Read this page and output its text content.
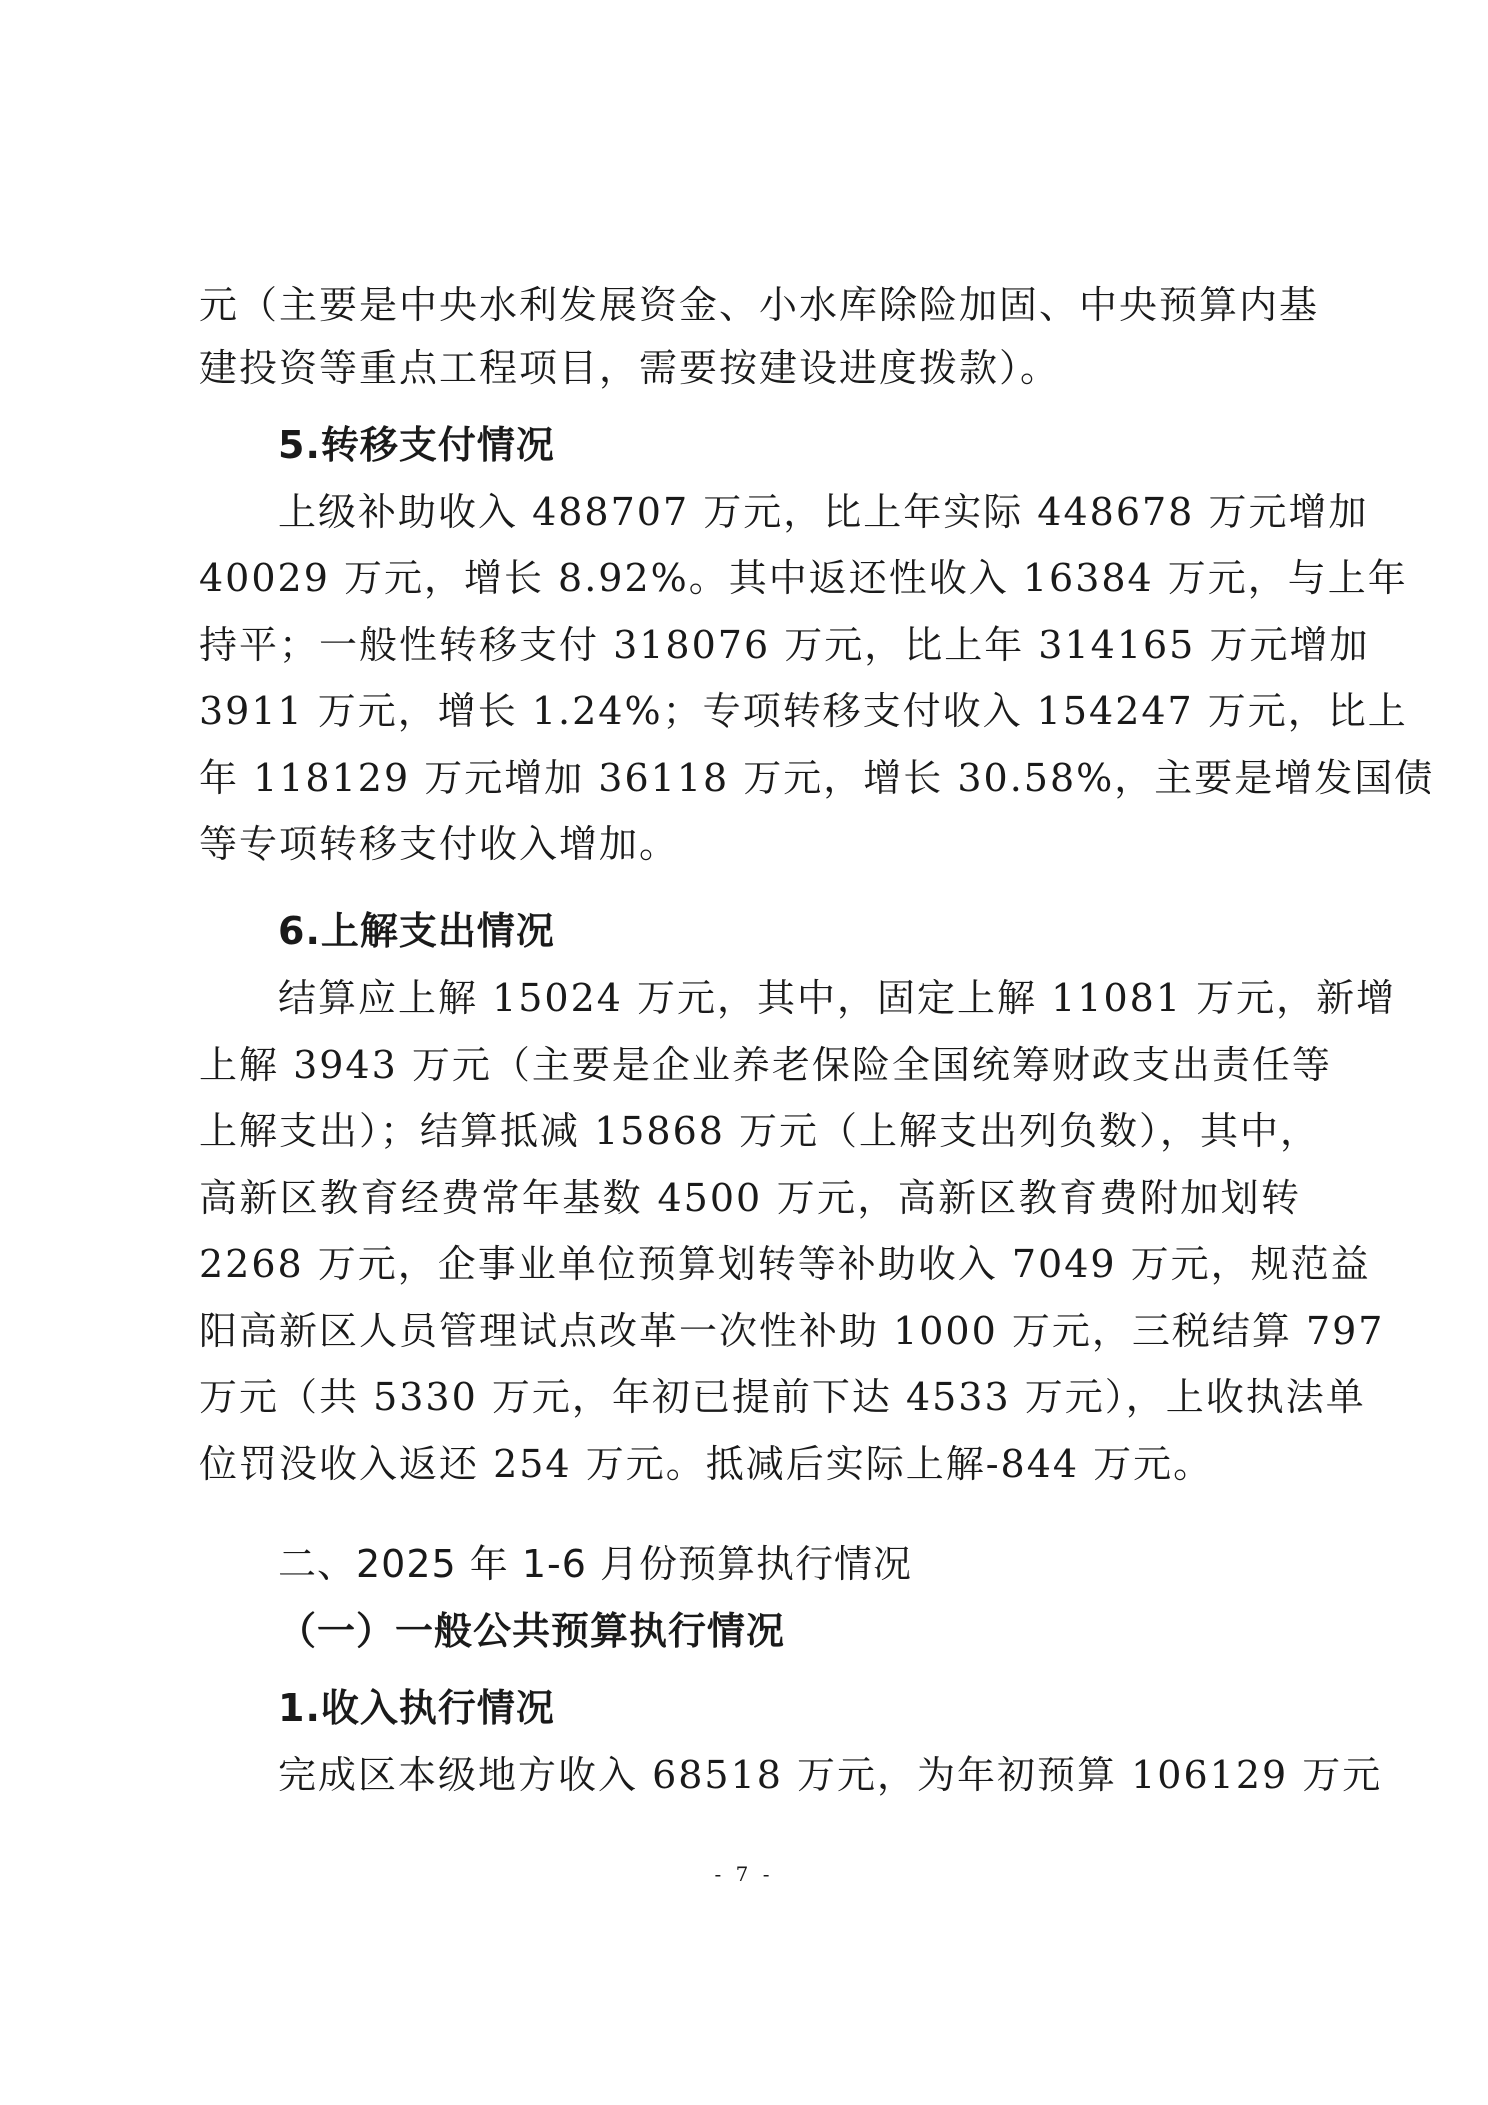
元（主要是中央水利发展资金、小水库除险加固、中央预算内基
建投资等重点工程项目，需要按建设进度拨款）。
5.转移支付情况
上级补助收入 488707 万元，比上年实际 448678 万元增加
40029 万元，增长 8.92%。其中返还性收入 16384 万元，与上年
持平；一般性转移支付 318076 万元，比上年 314165 万元增加
3911 万元，增长 1.24%；专项转移支付收入 154247 万元，比上
年 118129 万元增加 36118 万元，增长 30.58%，主要是增发国债
等专项转移支付收入增加。
6.上解支出情况
结算应上解 15024 万元，其中，固定上解 11081 万元，新增
上解 3943 万元（主要是企业养老保险全国统筹财政支出责任等
上解支出）；结算抵减 15868 万元（上解支出列负数），其中，
高新区教育经费常年基数 4500 万元，高新区教育费附加划转
2268 万元，企事业单位预算划转等补助收入 7049 万元，规范益
阳高新区人员管理试点改革一次性补助 1000 万元，三税结算 797
万元（共 5330 万元，年初已提前下达 4533 万元），上收执法单
位罚没收入返还 254 万元。抵减后实际上解-844 万元。
二、2025 年 1-6 月份预算执行情况
（一）一般公共预算执行情况
1.收入执行情况
完成区本级地方收入 68518 万元，为年初预算 106129 万元
- 7 -
